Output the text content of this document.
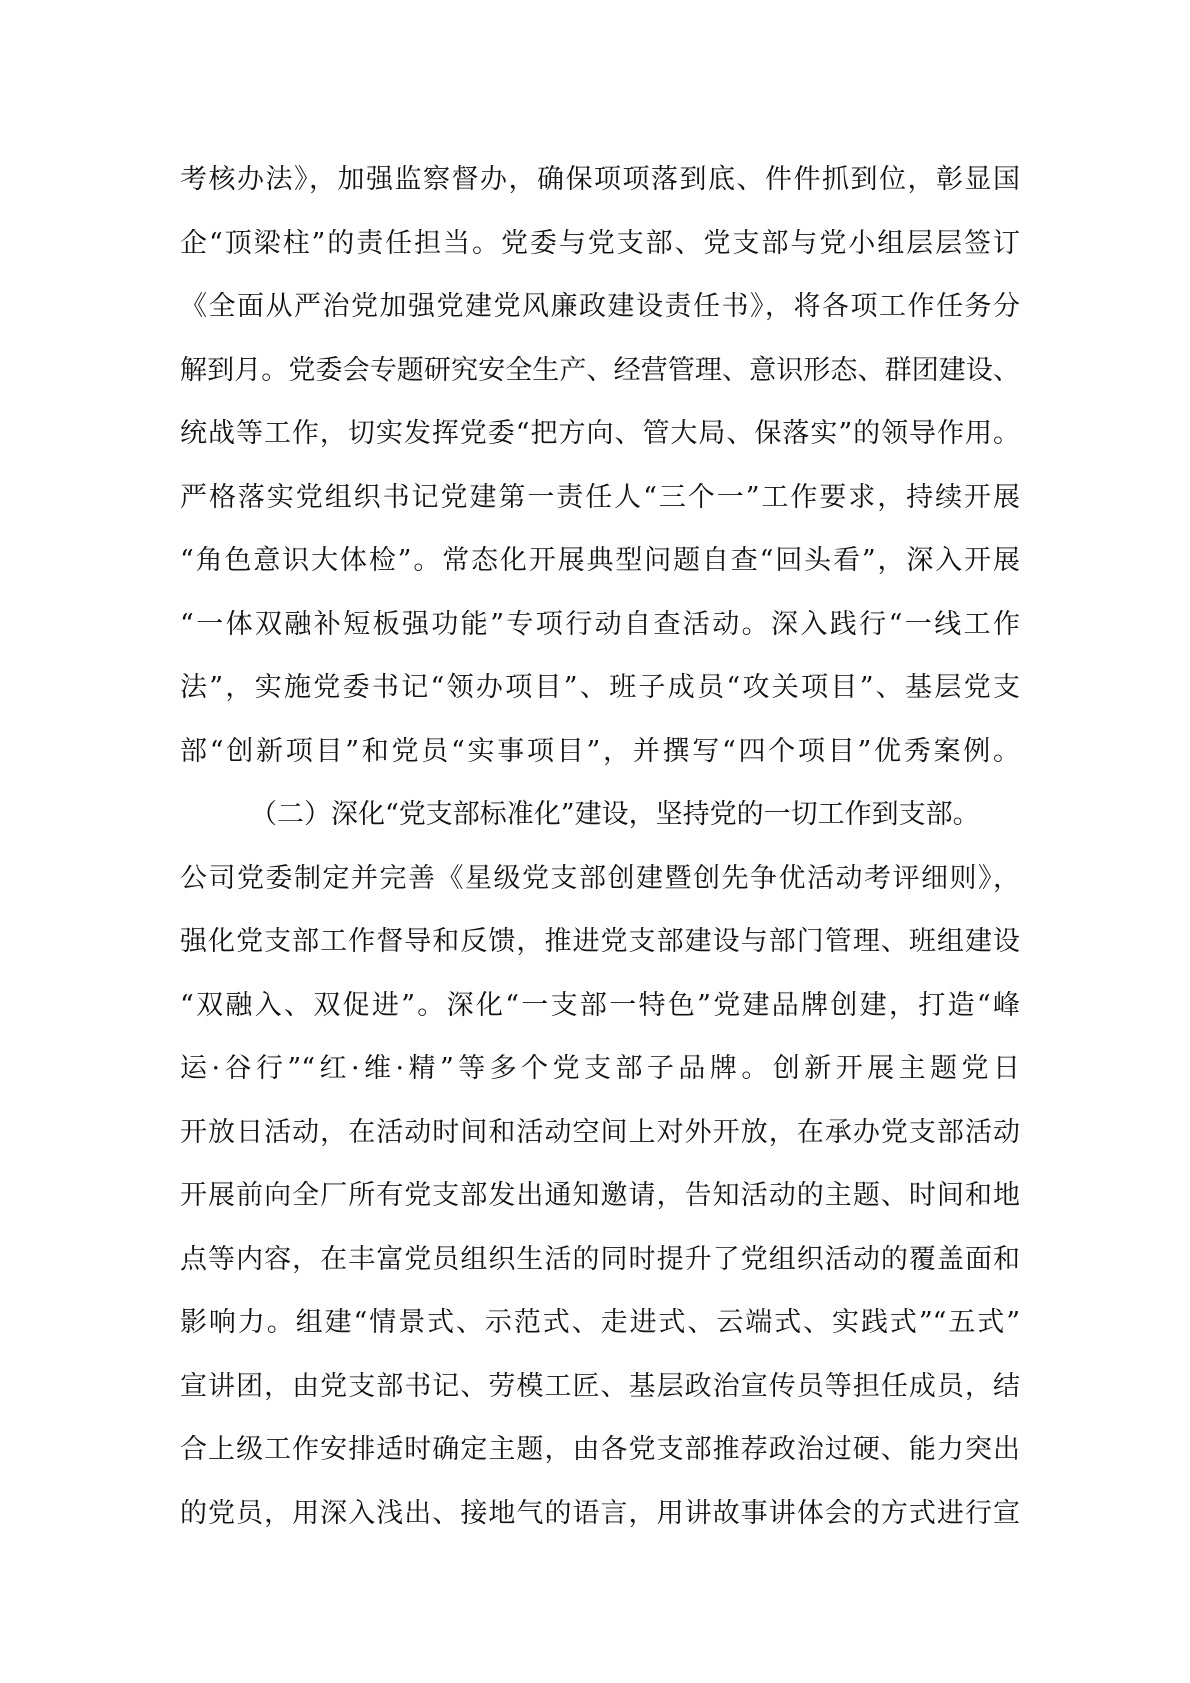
考核办法》，加强监察督办，确保项项落到底、件件抓到位，彰显国
企“顶梁柱”的责任担当。党委与党支部、党支部与党小组层层签订
《全面从严治党加强党建党风廉政建设责任书》，将各项工作任务分
解到月。党委会专题研究安全生产、经营管理、意识形态、群团建设、
统战等工作，切实发挥党委“把方向、管大局、保落实”的领导作用。
严格落实党组织书记党建第一责任人“三个一”工作要求，持续开展
“角色意识大体检”。常态化开展典型问题自查“回头看”，深入开展
“一体双融补短板强功能”专项行动自查活动。深入践行“一线工作
法”，实施党委书记“领办项目”、班子成员“攻关项目”、基层党支
部“创新项目”和党员“实事项目”，并撰写“四个项目”优秀案例。
（二）深化“党支部标准化”建设，坚持党的一切工作到支部。
公司党委制定并完善《星级党支部创建暨创先争优活动考评细则》，
强化党支部工作督导和反馈，推进党支部建设与部门管理、班组建设
“双融入、双促进”。深化“一支部一特色”党建品牌创建，打造“峰
运·谷行”“红·维·精”等多个党支部子品牌。创新开展主题党日
开放日活动，在活动时间和活动空间上对外开放，在承办党支部活动
开展前向全厂所有党支部发出通知邀请，告知活动的主题、时间和地
点等内容，在丰富党员组织生活的同时提升了党组织活动的覆盖面和
影响力。组建“情景式、示范式、走进式、云端式、实践式”“五式”
宣讲团，由党支部书记、劳模工匠、基层政治宣传员等担任成员，结
合上级工作安排适时确定主题，由各党支部推荐政治过硬、能力突出
的党员，用深入浅出、接地气的语言，用讲故事讲体会的方式进行宣
